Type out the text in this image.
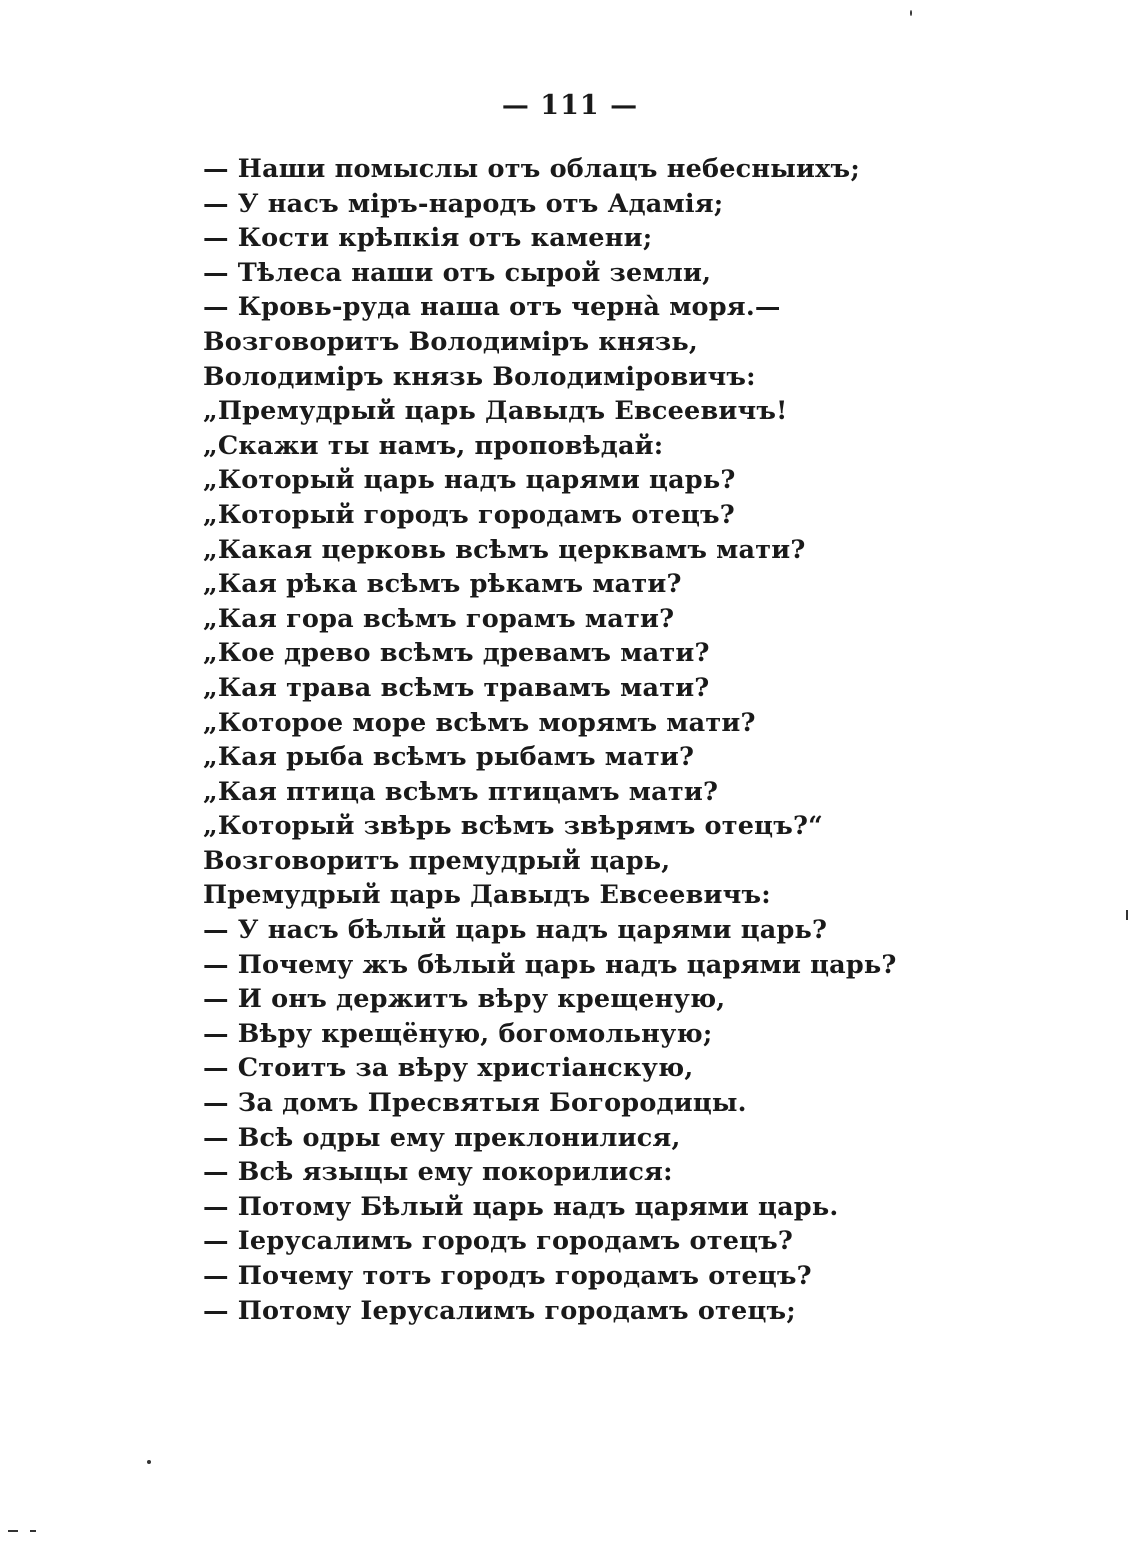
— 111 —
— Наши помыслы отъ облацъ небесныихъ;
— У насъ міръ-народъ отъ Адамія;
— Кости крѣпкія отъ камени;
— Тѣлеса наши отъ сырой земли,
— Кровь-руда наша отъ черна̀ моря.—
Возговоритъ Володиміръ князь,
Володиміръ князь Володиміровичъ:
„Премудрый царь Давыдъ Евсеевичъ!
„Скажи ты намъ, проповѣдай:
„Который царь надъ царями царь?
„Который городъ городамъ отецъ?
„Какая церковь всѣмъ церквамъ мати?
„Кая рѣка всѣмъ рѣкамъ мати?
„Кая гора всѣмъ горамъ мати?
„Кое древо всѣмъ древамъ мати?
„Кая трава всѣмъ травамъ мати?
„Которое море всѣмъ морямъ мати?
„Кая рыба всѣмъ рыбамъ мати?
„Кая птица всѣмъ птицамъ мати?
„Который звѣрь всѣмъ звѣрямъ отецъ?“
Возговоритъ премудрый царь,
Премудрый царь Давыдъ Евсеевичъ:
— У насъ бѣлый царь надъ царями царь?
— Почему жъ бѣлый царь надъ царями царь?
— И онъ держитъ вѣру крещеную,
— Вѣру крещёную, богомольную;
— Стоитъ за вѣру христіанскую,
— За домъ Пресвятыя Богородицы.
— Всѣ одры ему преклонилися,
— Всѣ языцы ему покорилися:
— Потому Бѣлый царь надъ царями царь.
— Іерусалимъ городъ городамъ отецъ?
— Почему тотъ городъ городамъ отецъ?
— Потому Іерусалимъ городамъ отецъ;
